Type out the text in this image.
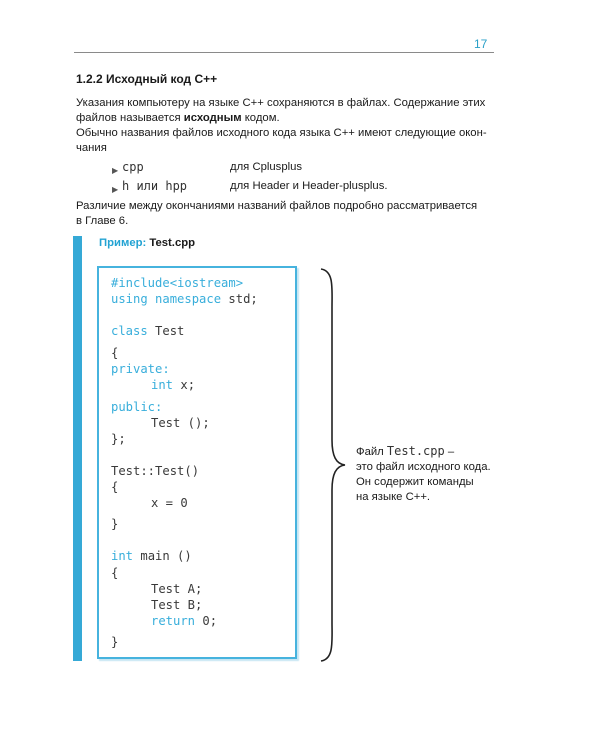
17
1.2.2 Исходный код С++

Указания компьютеру на языке С++ сохраняются в файлах. Содержание этих
файлов называется исходным кодом.

Обычно названия файлов исходного кода языка С++ имеют следующие окон-
чания

▶ cpp	для Cplusplus
▶ h или hpp	для Header и Header-plusplus.

Различие между окончаниями названий файлов подробно рассматривается
в Главе 6.

Пример: Test.cpp
#include<iostream>
using namespace std;
class Test
{
private:
int x;
public:
Test ();
};
Test::Test()
{
x = 0
}
int main ()
{
Test A;
Test B;
return 0;
}
Файл Test.cpp –
это файл исходного кода.
Он содержит команды
на языке С++.
